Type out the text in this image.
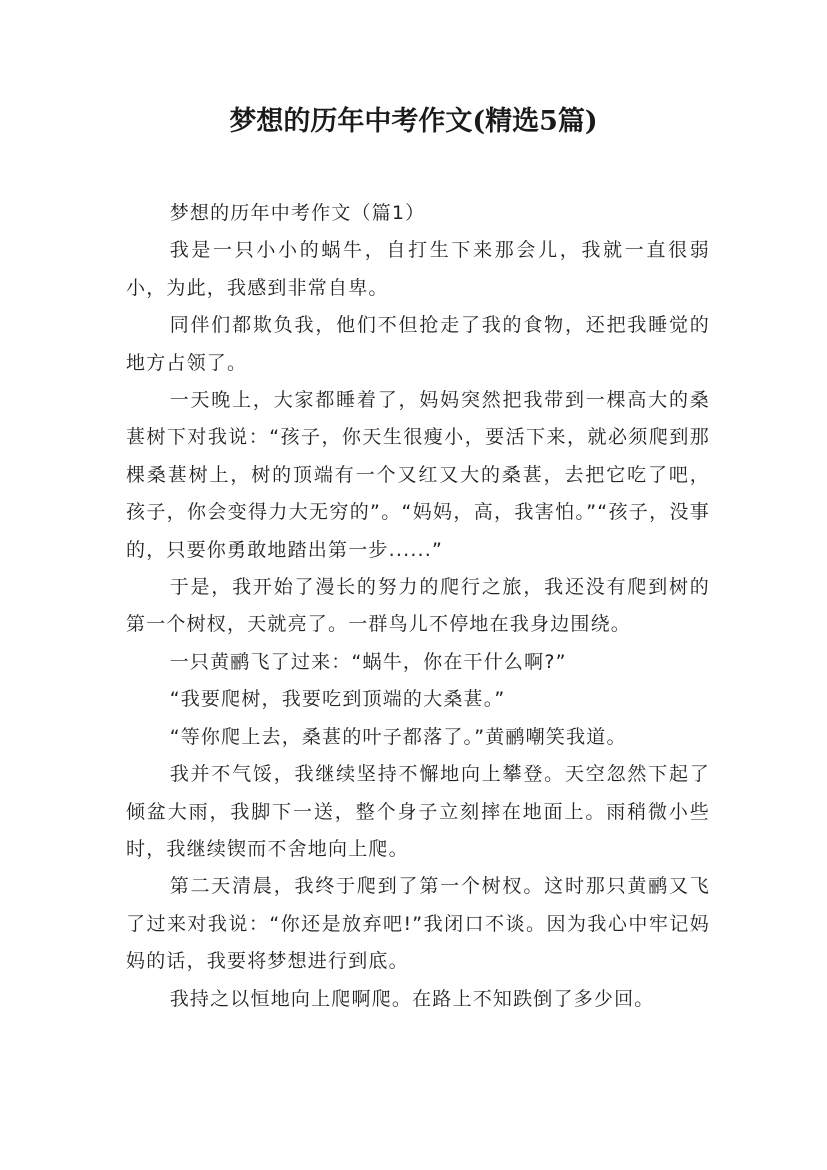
梦想的历年中考作文(精选5篇)

梦想的历年中考作文（篇1）

我是一只小小的蜗牛，自打生下来那会儿，我就一直很弱小，为此，我感到非常自卑。

同伴们都欺负我，他们不但抢走了我的食物，还把我睡觉的地方占领了。

一天晚上，大家都睡着了，妈妈突然把我带到一棵高大的桑葚树下对我说：“孩子，你天生很瘦小，要活下来，就必须爬到那棵桑葚树上，树的顶端有一个又红又大的桑葚，去把它吃了吧，孩子，你会变得力大无穷的”。“妈妈，高，我害怕。”“孩子，没事的，只要你勇敢地踏出第一步......”

于是，我开始了漫长的努力的爬行之旅，我还没有爬到树的第一个树杈，天就亮了。一群鸟儿不停地在我身边围绕。

一只黄鹂飞了过来：“蜗牛，你在干什么啊?”

“我要爬树，我要吃到顶端的大桑葚。”

“等你爬上去，桑葚的叶子都落了。”黄鹂嘲笑我道。

我并不气馁，我继续坚持不懈地向上攀登。天空忽然下起了倾盆大雨，我脚下一送，整个身子立刻摔在地面上。雨稍微小些时，我继续锲而不舍地向上爬。

第二天清晨，我终于爬到了第一个树杈。这时那只黄鹂又飞了过来对我说：“你还是放弃吧!”我闭口不谈。因为我心中牢记妈妈的话，我要将梦想进行到底。

我持之以恒地向上爬啊爬。在路上不知跌倒了多少回。
